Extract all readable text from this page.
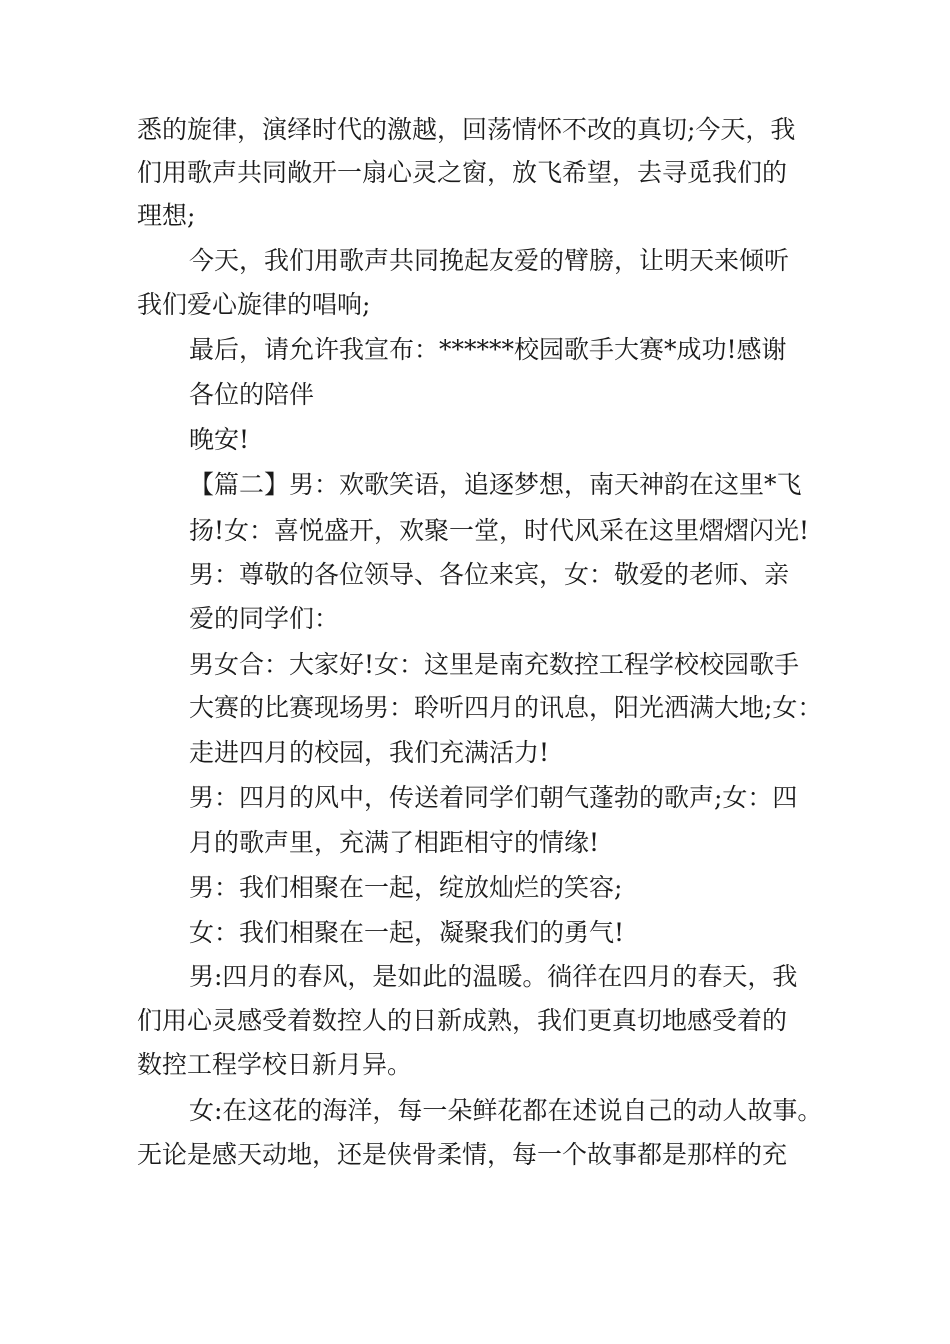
悉的旋律，演绎时代的激越，回荡情怀不改的真切;今天，我
们用歌声共同敞开一扇心灵之窗，放飞希望，去寻觅我们的
理想;
今天，我们用歌声共同挽起友爱的臂膀，让明天来倾听
我们爱心旋律的唱响;
最后，请允许我宣布：******校园歌手大赛*成功!感谢
各位的陪伴
晚安!
【篇二】男：欢歌笑语，追逐梦想，南天神韵在这里*飞
扬!女：喜悦盛开，欢聚一堂，时代风采在这里熠熠闪光!
男：尊敬的各位领导、各位来宾，女：敬爱的老师、亲
爱的同学们：
男女合：大家好!女：这里是南充数控工程学校校园歌手
大赛的比赛现场男：聆听四月的讯息，阳光洒满大地;女：
走进四月的校园，我们充满活力!
男：四月的风中，传送着同学们朝气蓬勃的歌声;女：四
月的歌声里，充满了相距相守的情缘!
男：我们相聚在一起，绽放灿烂的笑容;
女：我们相聚在一起，凝聚我们的勇气!
男:四月的春风，是如此的温暖。徜徉在四月的春天，我
们用心灵感受着数控人的日新成熟，我们更真切地感受着的
数控工程学校日新月异。
女:在这花的海洋，每一朵鲜花都在述说自己的动人故事。
无论是感天动地，还是侠骨柔情，每一个故事都是那样的充
